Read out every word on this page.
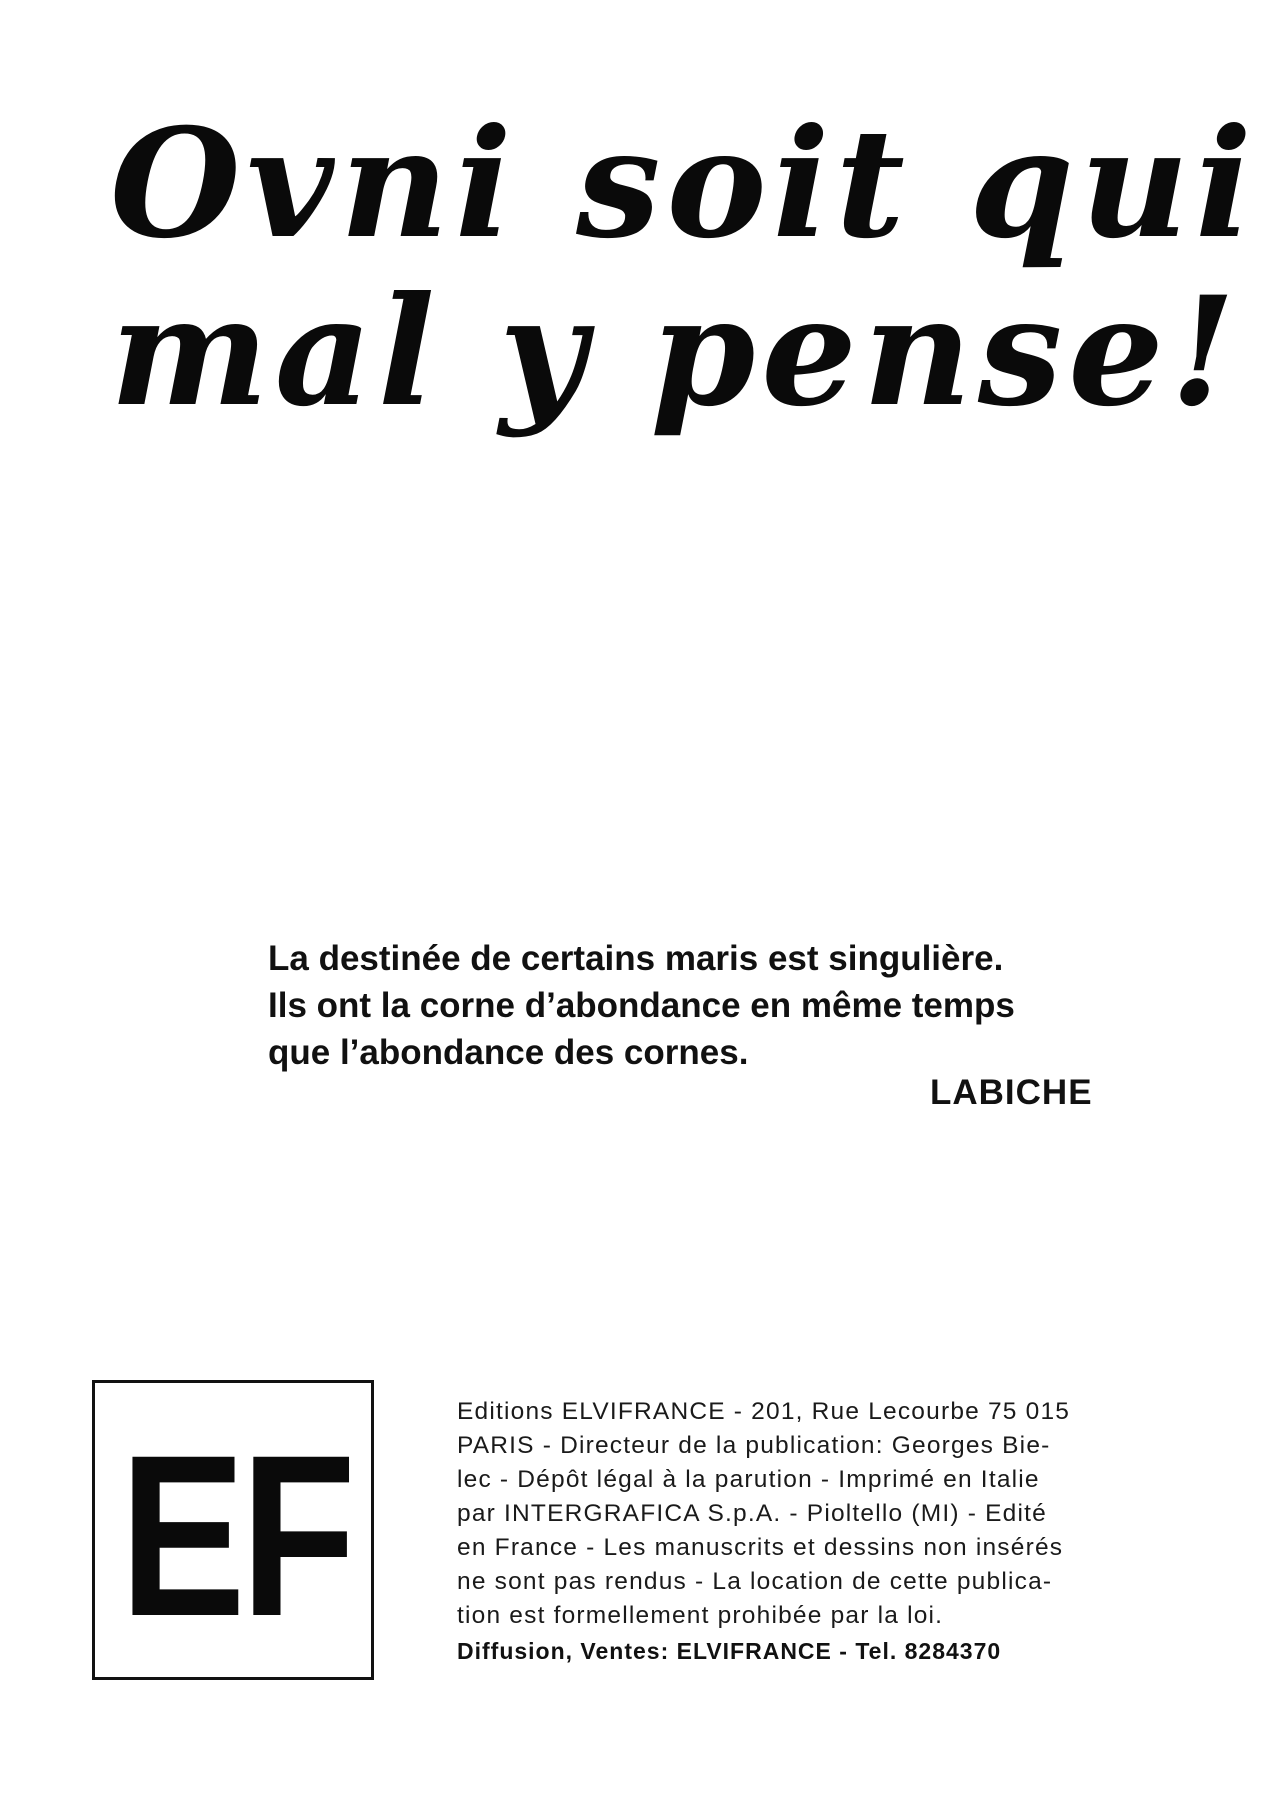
Ovni soit qui
mal y pense!

La destinée de certains maris est singulière.

Ils ont la corne d’abondance en même temps

que l’abondance des cornes.

LABICHE
EF	Editions ELVIFRANCE - 201, Rue Lecourbe 75 015

PARIS - Directeur de la publication: Georges Bie-

lec - Dépôt légal à la parution - Imprimé en Italie

par INTERGRAFICA S.p.A. - Pioltello (MI) - Edité

en France - Les manuscrits et dessins non insérés

ne sont pas rendus - La location de cette publica-

tion est formellement prohibée par la loi.

Diffusion, Ventes: ELVIFRANCE - Tel. 8284370
